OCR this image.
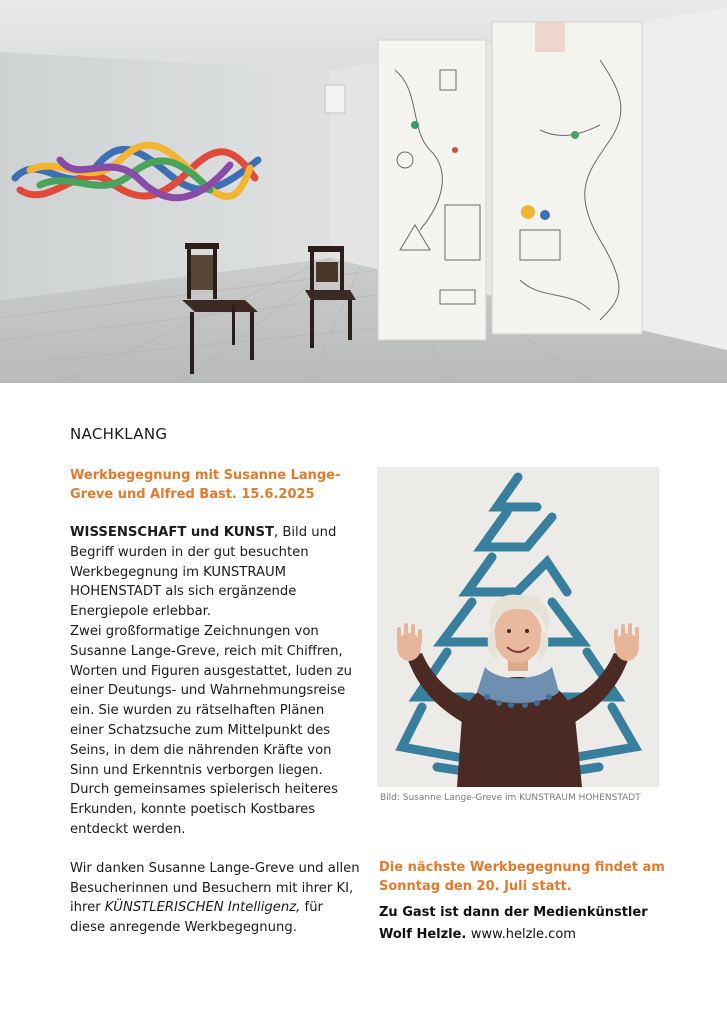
NACHKLANG
Werkbegegnung mit Susanne Lange-
Greve und Alfred Bast. 15.6.2025
WISSENSCHAFT und KUNST, Bild und Begriff wurden in der gut besuchten Werkbegegnung im KUNSTRAUM HOHENSTADT als sich ergänzende Energiepole erlebbar.
Zwei großformatige Zeichnungen von Susanne Lange-Greve, reich mit Chiffren, Worten und Figuren ausgestattet, luden zu einer Deutungs- und Wahrnehmungsreise ein. Sie wurden zu rätselhaften Plänen einer Schatzsuche zum Mittelpunkt des Seins, in dem die nährenden Kräfte von Sinn und Erkenntnis verborgen liegen. Durch gemeinsames spielerisch heiteres Erkunden, konnte poetisch Kostbares entdeckt werden.
Wir danken Susanne Lange-Greve und allen Besucherinnen und Besuchern mit ihrer KI, ihrer KÜNSTLERISCHEN Intelligenz, für diese anregende Werkbegegnung.
Bild: Susanne Lange-Greve im KUNSTRAUM HOHENSTADT
Die nächste Werkbegegnung findet am
Sonntag den 20. Juli statt.
Zu Gast ist dann der Medienkünstler
Wolf Helzle. www.helzle.com
